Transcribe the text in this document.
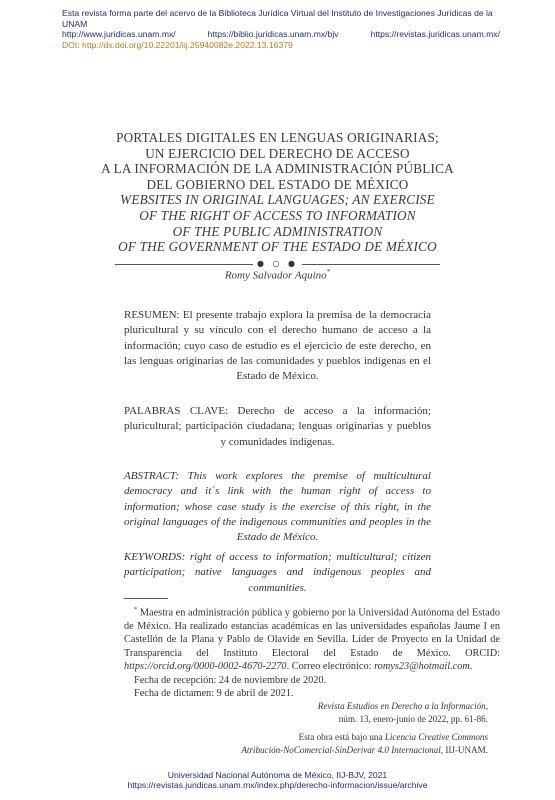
Esta revista forma parte del acervo de la Biblioteca Jurídica Virtual del Instituto de Investigaciones Jurídicas de la UNAM
http://www.juridicas.unam.mx/	https://biblio.juridicas.unam.mx/bjv	https://revistas.juridicas.unam.mx/
DOI: http://dx.doi.org/10.22201/iij.25940082e.2022.13.16379
PORTALES DIGITALES EN LENGUAS ORIGINARIAS;
UN EJERCICIO DEL DERECHO DE ACCESO
A LA INFORMACIÓN DE LA ADMINISTRACIÓN PÚBLICA
DEL GOBIERNO DEL ESTADO DE MÉXICO
WEBSITES IN ORIGINAL LANGUAGES; AN EXERCISE
OF THE RIGHT OF ACCESS TO INFORMATION
OF THE PUBLIC ADMINISTRATION
OF THE GOVERNMENT OF THE ESTADO DE MÉXICO
● ○ ●
Romy Salvador Aquino*
RESUMEN: El presente trabajo explora la premisa de la democracia pluricultural y su vínculo con el derecho humano de acceso a la información; cuyo caso de estudio es el ejercicio de este derecho, en las lenguas originarias de las comunidades y pueblos indígenas en el Estado de México.
PALABRAS CLAVE: Derecho de acceso a la información; pluricultural; participación ciudadana; lenguas originarias y pueblos y comunidades indígenas.
ABSTRACT: This work explores the premise of multicultural democracy and it´s link with the human right of access to information; whose case study is the exercise of this right, in the original languages of the indigenous communities and peoples in the Estado de México.
KEYWORDS: right of access to information; multicultural; citizen participation; native languages and indigenous peoples and communities.

* Maestra en administración pública y gobierno por la Universidad Autónoma del Estado de México. Ha realizado estancias académicas en las universidades españolas Jaume I en Castellón de la Plana y Pablo de Olavide en Sevilla. Líder de Proyecto en la Unidad de Transparencia del Instituto Electoral del Estado de México. ORCID: https://orcid.org/0000-0002-4670-2270. Correo electrónico: romys23@hotmail.com.

Fecha de recepción: 24 de noviembre de 2020.

Fecha de dictamen: 9 de abril de 2021.

Revista Estudios en Derecho a la Información,
núm. 13, enero-junio de 2022, pp. 61-86.
Esta obra está bajo una Licencia Creative Commons
Atribución-NoComercial-SinDerivar 4.0 Internacional, IIJ-UNAM.
Universidad Nacional Autónoma de México, IIJ-BJV, 2021
https://revistas.juridicas.unam.mx/index.php/derecho-informacion/issue/archive
